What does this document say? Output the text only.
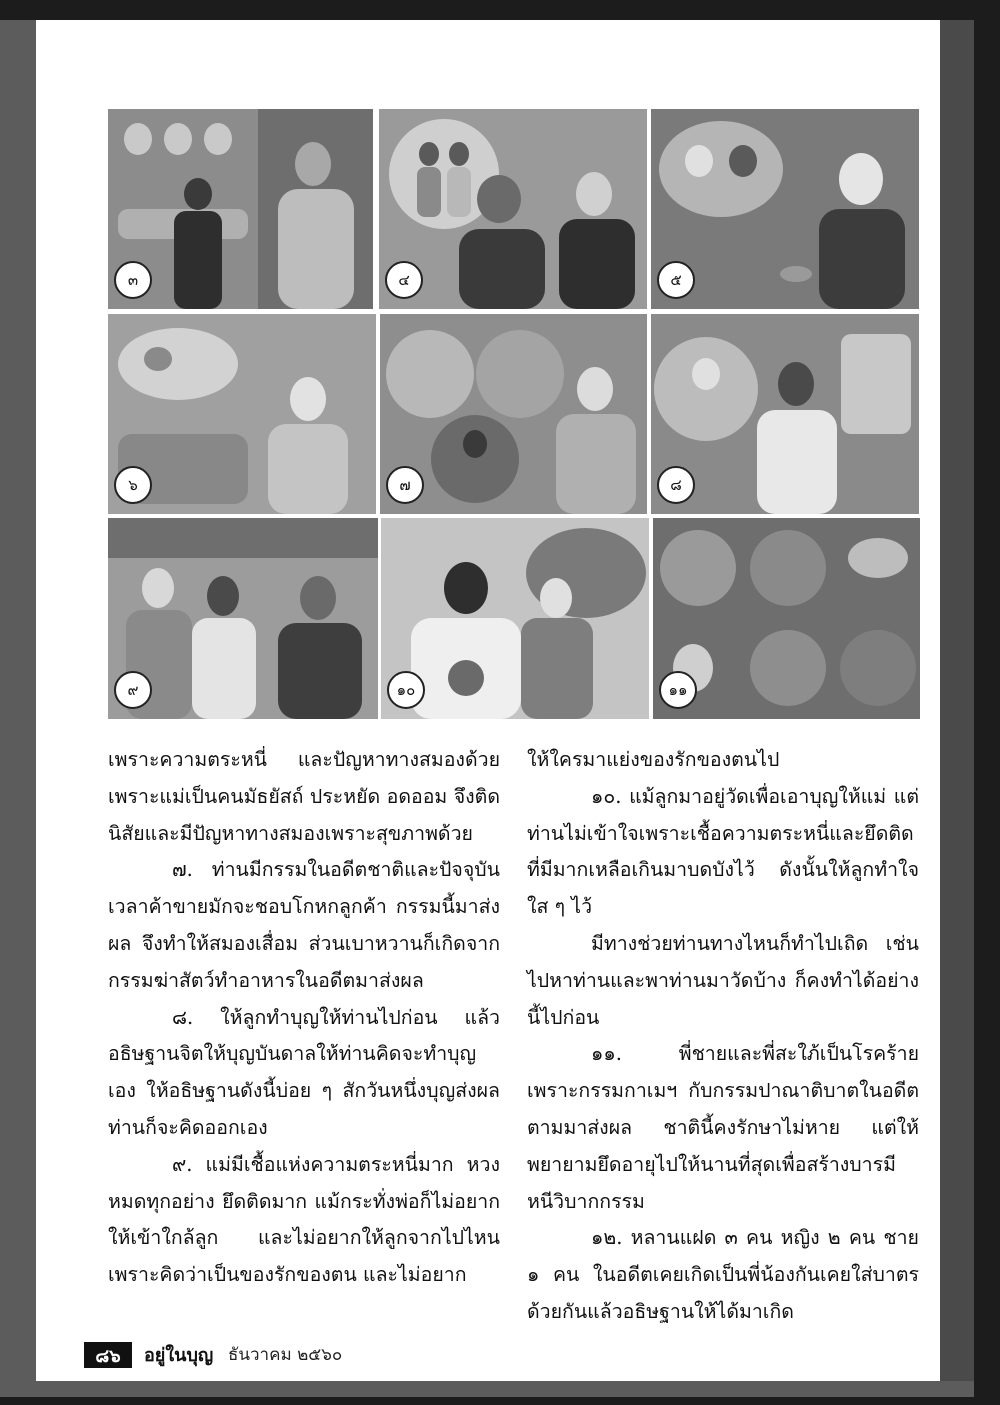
๓	๔	๕
๖	๗	๘
๙	๑๐	๑๑

เพราะความตระหนี่ และปัญหาทางสมองด้วย เพราะแม่เป็นคนมัธยัสถ์ ประหยัด อดออม จึงติดนิสัยและมีปัญหาทางสมองเพราะสุขภาพด้วย

๗. ท่านมีกรรมในอดีตชาติและปัจจุบัน เวลาค้าขายมักจะชอบโกหกลูกค้า กรรมนี้มาส่งผล จึงทำให้สมองเสื่อม ส่วนเบาหวานก็เกิดจากกรรมฆ่าสัตว์ทำอาหารในอดีตมาส่งผล

๘. ให้ลูกทำบุญให้ท่านไปก่อน แล้วอธิษฐานจิตให้บุญบันดาลให้ท่านคิดจะทำบุญเอง ให้อธิษฐานดังนี้บ่อย ๆ สักวันหนึ่งบุญส่งผล ท่านก็จะคิดออกเอง

๙. แม่มีเชื้อแห่งความตระหนี่มาก หวงหมดทุกอย่าง ยึดติดมาก แม้กระทั่งพ่อก็ไม่อยากให้เข้าใกล้ลูก และไม่อยากให้ลูกจากไปไหน เพราะคิดว่าเป็นของรักของตน และไม่อยาก

ให้ใครมาแย่งของรักของตนไป

๑๐. แม้ลูกมาอยู่วัดเพื่อเอาบุญให้แม่ แต่ท่านไม่เข้าใจเพราะเชื้อความตระหนี่และยึดติดที่มีมากเหลือเกินมาบดบังไว้ ดังนั้นให้ลูกทำใจใส ๆ ไว้

มีทางช่วยท่านทางไหนก็ทำไปเถิด เช่น ไปหาท่านและพาท่านมาวัดบ้าง ก็คงทำได้อย่างนี้ไปก่อน

๑๑. พี่ชายและพี่สะใภ้เป็นโรคร้าย เพราะกรรมกาเมฯ กับกรรมปาณาติบาตในอดีตตามมาส่งผล ชาตินี้คงรักษาไม่หาย แต่ให้พยายามยึดอายุไปให้นานที่สุดเพื่อสร้างบารมีหนีวิบากกรรม

๑๒. หลานแฝด ๓ คน หญิง ๒ คน ชาย ๑ คน ในอดีตเคยเกิดเป็นพี่น้องกันเคยใส่บาตรด้วยกันแล้วอธิษฐานให้ได้มาเกิด

๘๖	อยู่ในบุญ ธันวาคม ๒๕๖๐
